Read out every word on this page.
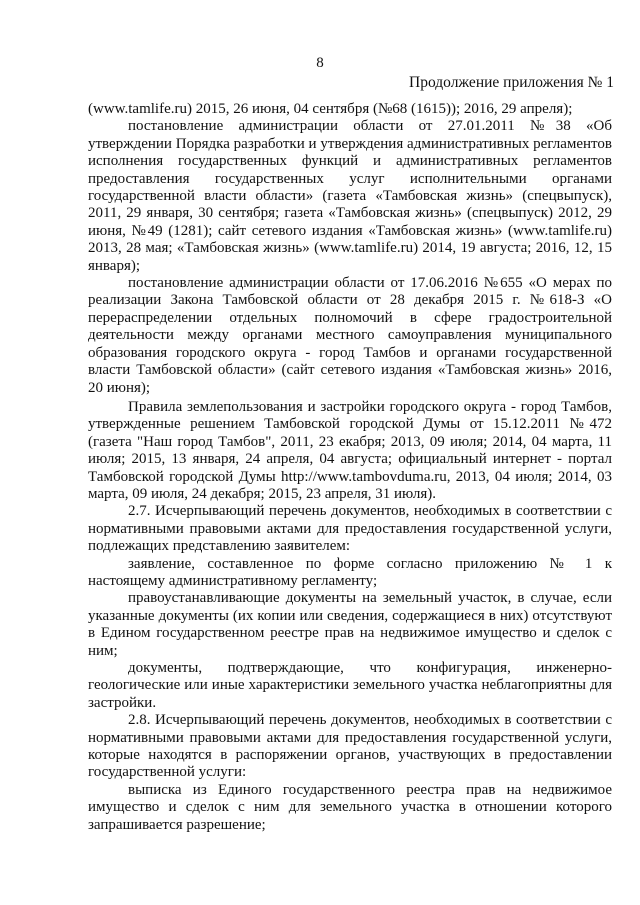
8
Продолжение приложения № 1

(www.tamlife.ru) 2015, 26 июня, 04 сентября (№68 (1615)); 2016, 29 апреля);

постановление администрации области от 27.01.2011 №38 «Об утверждении Порядка разработки и утверждения административных регламентов исполнения государственных функций и административных регламентов предоставления государственных услуг исполнительными органами государственной власти области» (газета «Тамбовская жизнь» (спецвыпуск), 2011, 29 января, 30 сентября; газета «Тамбовская жизнь» (спецвыпуск) 2012, 29 июня, №49 (1281); сайт сетевого издания «Тамбовская жизнь» (www.tamlife.ru) 2013, 28 мая; «Тамбовская жизнь» (www.tamlife.ru) 2014, 19 августа; 2016, 12, 15 января);

постановление администрации области от 17.06.2016 №655 «О мерах по реализации Закона Тамбовской области от 28 декабря 2015 г. №618-З «О перераспределении отдельных полномочий в сфере градостроительной деятельности между органами местного самоуправления муниципального образования городского округа - город Тамбов и органами государственной власти Тамбовской области» (сайт сетевого издания «Тамбовская жизнь» 2016, 20 июня);

Правила землепользования и застройки городского округа - город Тамбов, утвержденные решением Тамбовской городской Думы от 15.12.2011 №472 (газета "Наш город Тамбов", 2011, 23 екабря; 2013, 09 июля; 2014, 04 марта, 11 июля; 2015, 13 января, 24 апреля, 04 августа; официальный интернет - портал Тамбовской городской Думы http://www.tambovduma.ru, 2013, 04 июля; 2014, 03 марта, 09 июля, 24 декабря; 2015, 23 апреля, 31 июля).

2.7. Исчерпывающий перечень документов, необходимых в соответствии с нормативными правовыми актами для предоставления государственной услуги, подлежащих представлению заявителем:

заявление, составленное по форме согласно приложению № 1 к настоящему административному регламенту;

правоустанавливающие документы на земельный участок, в случае, если указанные документы (их копии или сведения, содержащиеся в них) отсутствуют в Едином государственном реестре прав на недвижимое имущество и сделок с ним;

документы, подтверждающие, что конфигурация, инженерно-геологические или иные характеристики земельного участка неблагоприятны для застройки.

2.8. Исчерпывающий перечень документов, необходимых в соответствии с нормативными правовыми актами для предоставления государственной услуги, которые находятся в распоряжении органов, участвующих в предоставлении государственной услуги:

выписка из Единого государственного реестра прав на недвижимое имущество и сделок с ним для земельного участка в отношении которого запрашивается разрешение;
